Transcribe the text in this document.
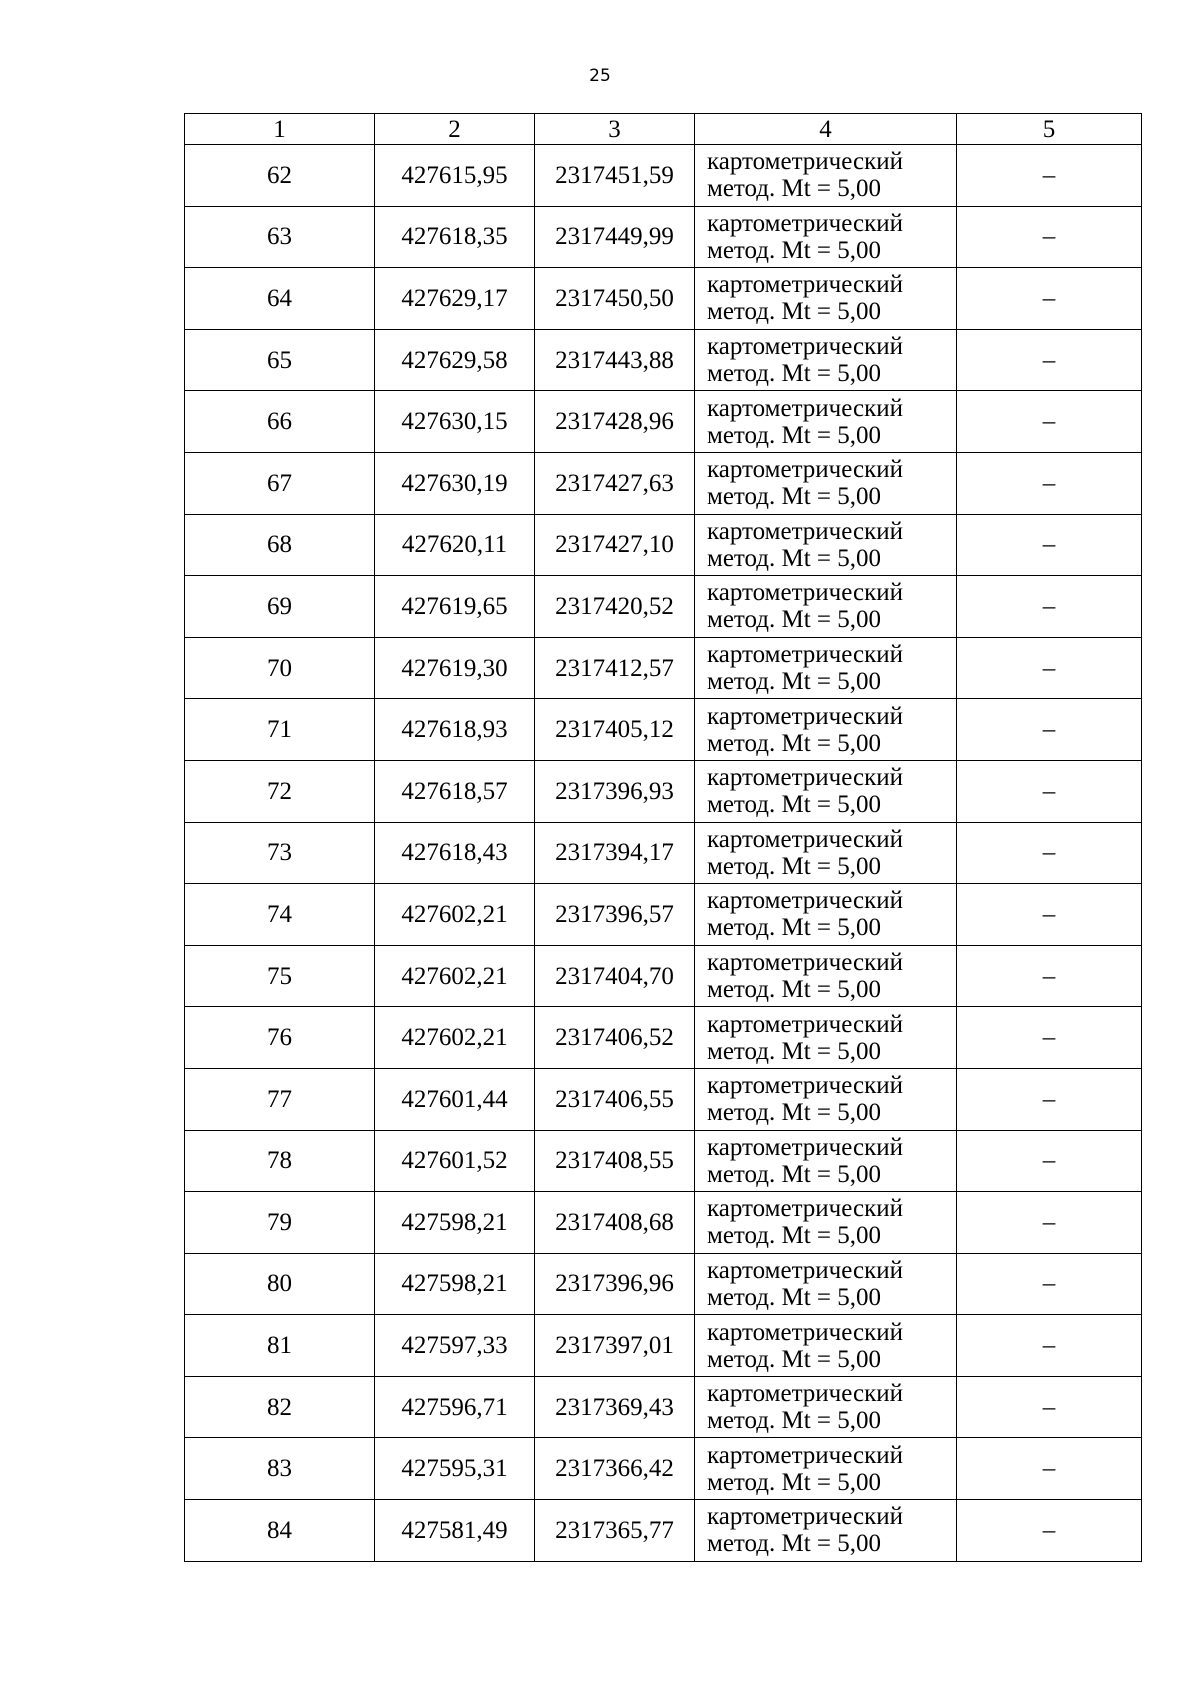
25
1	2	3	4	5
62	427615,95	2317451,59	картометрический
метод. Mt = 5,00	–
63	427618,35	2317449,99	картометрический
метод. Mt = 5,00	–
64	427629,17	2317450,50	картометрический
метод. Mt = 5,00	–
65	427629,58	2317443,88	картометрический
метод. Mt = 5,00	–
66	427630,15	2317428,96	картометрический
метод. Mt = 5,00	–
67	427630,19	2317427,63	картометрический
метод. Mt = 5,00	–
68	427620,11	2317427,10	картометрический
метод. Mt = 5,00	–
69	427619,65	2317420,52	картометрический
метод. Mt = 5,00	–
70	427619,30	2317412,57	картометрический
метод. Mt = 5,00	–
71	427618,93	2317405,12	картометрический
метод. Mt = 5,00	–
72	427618,57	2317396,93	картометрический
метод. Mt = 5,00	–
73	427618,43	2317394,17	картометрический
метод. Mt = 5,00	–
74	427602,21	2317396,57	картометрический
метод. Mt = 5,00	–
75	427602,21	2317404,70	картометрический
метод. Mt = 5,00	–
76	427602,21	2317406,52	картометрический
метод. Mt = 5,00	–
77	427601,44	2317406,55	картометрический
метод. Mt = 5,00	–
78	427601,52	2317408,55	картометрический
метод. Mt = 5,00	–
79	427598,21	2317408,68	картометрический
метод. Mt = 5,00	–
80	427598,21	2317396,96	картометрический
метод. Mt = 5,00	–
81	427597,33	2317397,01	картометрический
метод. Mt = 5,00	–
82	427596,71	2317369,43	картометрический
метод. Mt = 5,00	–
83	427595,31	2317366,42	картометрический
метод. Mt = 5,00	–
84	427581,49	2317365,77	картометрический
метод. Mt = 5,00	–
